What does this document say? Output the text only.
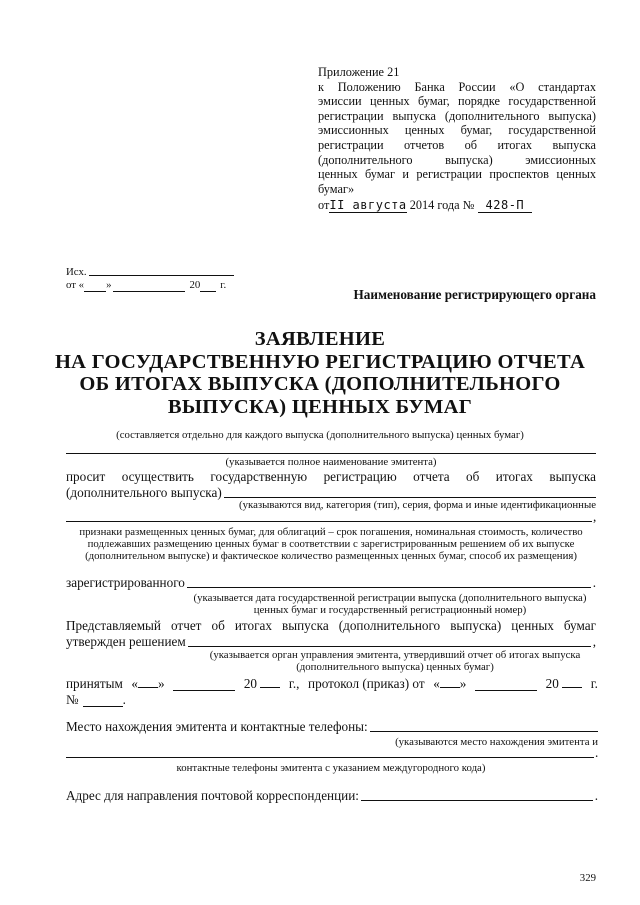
Приложение 21
к Положению Банка России «О стандартах
эмиссии ценных бумаг, порядке государственной
регистрации выпуска (дополнительного выпуска)
эмиссионных ценных бумаг, государственной
регистрации отчетов об итогах выпуска
(дополнительного выпуска) эмиссионных
ценных бумаг и регистрации проспектов ценных
бумаг»
отII августа 2014 года № 428-П
Исх.
от « »	20 г.
Наименование регистрирующего органа
ЗАЯВЛЕНИЕ
НА ГОСУДАРСТВЕННУЮ РЕГИСТРАЦИЮ ОТЧЕТА
ОБ ИТОГАХ ВЫПУСКА (ДОПОЛНИТЕЛЬНОГО
ВЫПУСКА) ЦЕННЫХ БУМАГ
(составляется отдельно для каждого выпуска (дополнительного выпуска) ценных бумаг)
(указывается полное наименование эмитента)
просит осуществить государственную регистрацию отчета об итогах выпуска
(дополнительного выпуска)
(указываются вид, категория (тип), серия, форма и иные идентификационные
,
признаки размещенных ценных бумаг, для облигаций – срок погашения, номинальная стоимость, количество
подлежавших размещению ценных бумаг в соответствии с зарегистрированным решением об их выпуске
(дополнительном выпуске) и фактическое количество размещенных ценных бумаг, способ их размещения)
зарегистрированного	.
(указывается дата государственной регистрации выпуска (дополнительного выпуска)
ценных бумаг и государственный регистрационный номер)
Представляемый отчет об итогах выпуска (дополнительного выпуска) ценных бумаг
утвержден решением	,
(указывается орган управления эмитента, утвердивший отчет об итогах выпуска
(дополнительного выпуска) ценных бумаг)
принятым « »	20	г., протокол (приказ) от « »	20	г.
№	.
Место нахождения эмитента и контактные телефоны:
(указываются место нахождения эмитента и
.
контактные телефоны эмитента с указанием междугородного кода)
Адрес для направления почтовой корреспонденции:	.
329
